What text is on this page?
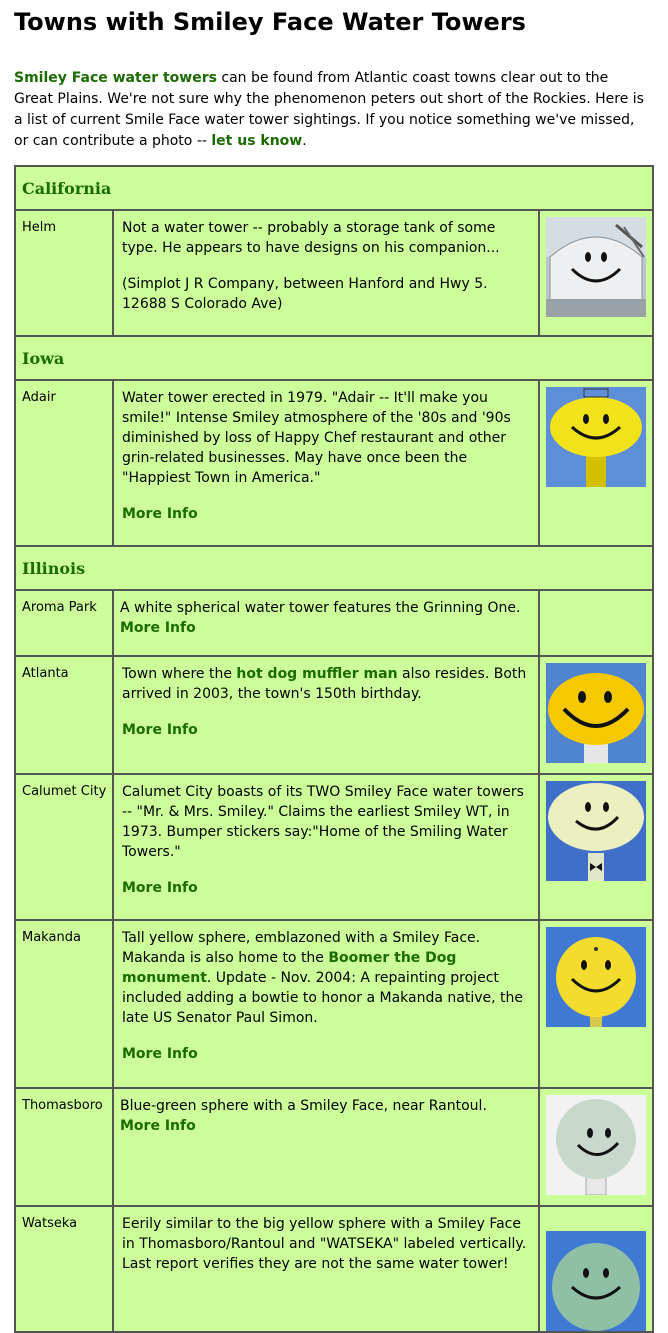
Towns with Smiley Face Water Towers
Smiley Face water towers can be found from Atlantic coast towns clear out to the Great Plains. We're not sure why the phenomenon peters out short of the Rockies. Here is a list of current Smile Face water tower sightings. If you notice something we've missed, or can contribute a photo -- let us know.
California		
Helm	Not a water tower -- probably a storage tank of some type. He appears to have designs on his companion...

(Simplot J R Company, between Hanford and Hwy 5. 12688 S Colorado Ave)

Iowa		
Adair	Water tower erected in 1979. "Adair -- It'll make you smile!" Intense Smiley atmosphere of the '80s and '90s diminished by loss of Happy Chef restaurant and other grin-related businesses. May have once been the "Happiest Town in America."

More Info

Illinois		
Aroma Park	A white spherical water tower features the Grinning One.
More Info	
Atlanta	Town where the hot dog muffler man also resides. Both arrived in 2003, the town's 150th birthday.

More Info

Calumet City	Calumet City boasts of its TWO Smiley Face water towers -- "Mr. & Mrs. Smiley." Claims the earliest Smiley WT, in 1973. Bumper stickers say:"Home of the Smiling Water Towers."

More Info

Makanda	Tall yellow sphere, emblazoned with a Smiley Face. Makanda is also home to the Boomer the Dog monument. Update - Nov. 2004: A repainting project included adding a bowtie to honor a Makanda native, the late US Senator Paul Simon.

More Info

Thomasboro	Blue-green sphere with a Smiley Face, near Rantoul.
More Info	

Watseka	Eerily similar to the big yellow sphere with a Smiley Face in Thomasboro/Rantoul and "WATSEKA" labeled vertically. Last report verifies they are not the same water tower!
